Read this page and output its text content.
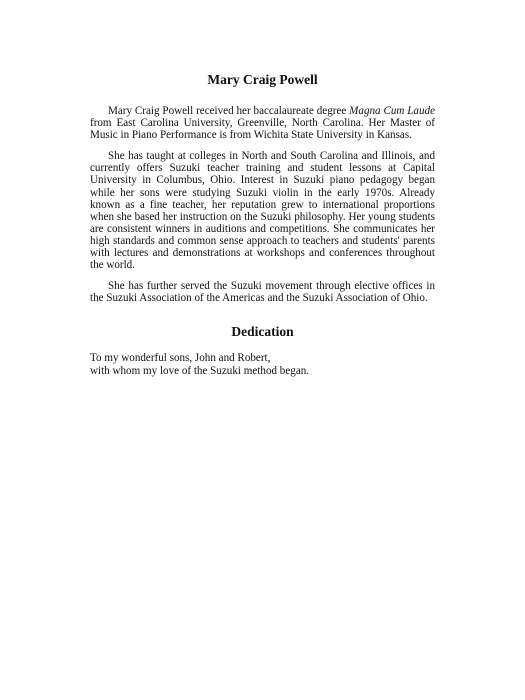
Mary Craig Powell

Mary Craig Powell received her baccalaureate degree Magna Cum Laude from East Carolina University, Greenville, North Carolina. Her Master of Music in Piano Performance is from Wichita State University in Kansas.

She has taught at colleges in North and South Carolina and Illinois, and currently offers Suzuki teacher training and student lessons at Capital University in Columbus, Ohio. Interest in Suzuki piano pedagogy began while her sons were studying Suzuki violin in the early 1970s. Already known as a fine teacher, her reputation grew to international proportions when she based her instruction on the Suzuki philosophy. Her young students are consistent winners in auditions and competitions. She communicates her high standards and common sense approach to teachers and students' parents with lectures and demonstrations at workshops and conferences throughout the world.

She has further served the Suzuki movement through elective offices in the Suzuki Association of the Americas and the Suzuki Association of Ohio.

Dedication

To my wonderful sons, John and Robert,
with whom my love of the Suzuki method began.
